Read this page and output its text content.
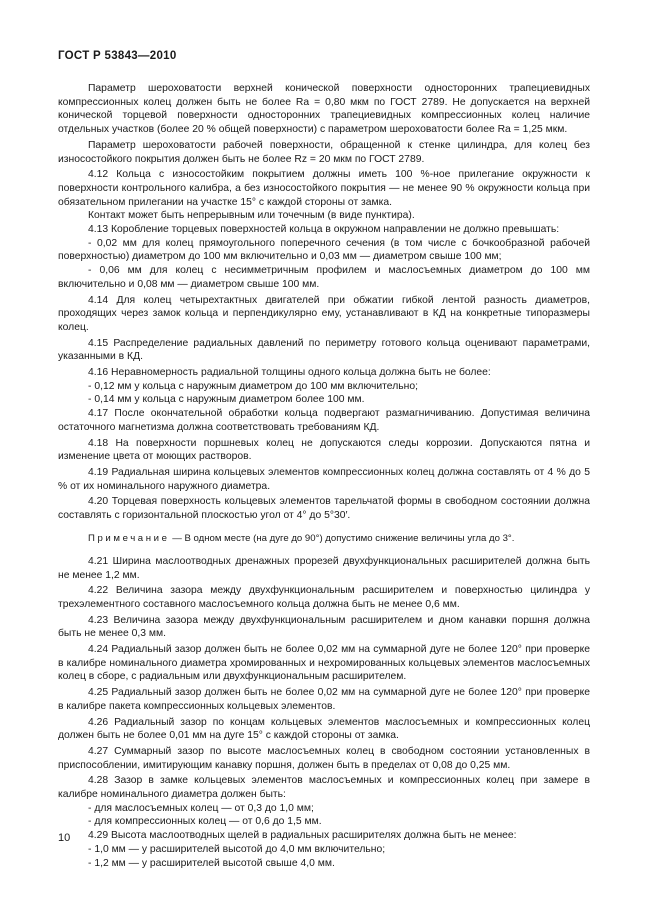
ГОСТ Р 53843—2010

Параметр шероховатости верхней конической поверхности односторонних трапециевидных компрессионных колец должен быть не более Ra = 0,80 мкм по ГОСТ 2789. Не допускается на верхней конической торцевой поверхности односторонних трапециевидных компрессионных колец наличие отдельных участков (более 20 % общей поверхности) с параметром шероховатости более Ra = 1,25 мкм.

Параметр шероховатости рабочей поверхности, обращенной к стенке цилиндра, для колец без износостойкого покрытия должен быть не более Rz = 20 мкм по ГОСТ 2789.

4.12 Кольца с износостойким покрытием должны иметь 100 %-ное прилегание окружности к поверхности контрольного калибра, а без износостойкого покрытия — не менее 90 % окружности кольца при обязательном прилегании на участке 15° с каждой стороны от замка.

Контакт может быть непрерывным или точечным (в виде пунктира).

4.13 Коробление торцевых поверхностей кольца в окружном направлении не должно превышать:

- 0,02 мм для колец прямоугольного поперечного сечения (в том числе с бочкообразной рабочей поверхностью) диаметром до 100 мм включительно и 0,03 мм — диаметром свыше 100 мм;

- 0,06 мм для колец с несимметричным профилем и маслосъемных диаметром до 100 мм включительно и 0,08 мм — диаметром свыше 100 мм.

4.14 Для колец четырехтактных двигателей при обжатии гибкой лентой разность диаметров, проходящих через замок кольца и перпендикулярно ему, устанавливают в КД на конкретные типоразмеры колец.

4.15 Распределение радиальных давлений по периметру готового кольца оценивают параметрами, указанными в КД.

4.16 Неравномерность радиальной толщины одного кольца должна быть не более:

- 0,12 мм у кольца с наружным диаметром до 100 мм включительно;

- 0,14 мм у кольца с наружным диаметром более 100 мм.

4.17 После окончательной обработки кольца подвергают размагничиванию. Допустимая величина остаточного магнетизма должна соответствовать требованиям КД.

4.18 На поверхности поршневых колец не допускаются следы коррозии. Допускаются пятна и изменение цвета от моющих растворов.

4.19 Радиальная ширина кольцевых элементов компрессионных колец должна составлять от 4 % до 5 % от их номинального наружного диаметра.

4.20 Торцевая поверхность кольцевых элементов тарельчатой формы в свободном состоянии должна составлять с горизонтальной плоскостью угол от 4° до 5°30′.

Примечание — В одном месте (на дуге до 90°) допустимо снижение величины угла до 3°.

4.21 Ширина маслоотводных дренажных прорезей двухфункциональных расширителей должна быть не менее 1,2 мм.

4.22 Величина зазора между двухфункциональным расширителем и поверхностью цилиндра у трехэлементного составного маслосъемного кольца должна быть не менее 0,6 мм.

4.23 Величина зазора между двухфункциональным расширителем и дном канавки поршня должна быть не менее 0,3 мм.

4.24 Радиальный зазор должен быть не более 0,02 мм на суммарной дуге не более 120° при проверке в калибре номинального диаметра хромированных и нехромированных кольцевых элементов маслосъемных колец в сборе, с радиальным или двухфункциональным расширителем.

4.25 Радиальный зазор должен быть не более 0,02 мм на суммарной дуге не более 120° при проверке в калибре пакета компрессионных кольцевых элементов.

4.26 Радиальный зазор по концам кольцевых элементов маслосъемных и компрессионных колец должен быть не более 0,01 мм на дуге 15° с каждой стороны от замка.

4.27 Суммарный зазор по высоте маслосъемных колец в свободном состоянии установленных в приспособлении, имитирующим канавку поршня, должен быть в пределах от 0,08 до 0,25 мм.

4.28 Зазор в замке кольцевых элементов маслосъемных и компрессионных колец при замере в калибре номинального диаметра должен быть:

- для маслосъемных колец — от 0,3 до 1,0 мм;

- для компрессионных колец — от 0,6 до 1,5 мм.

4.29 Высота маслоотводных щелей в радиальных расширителях должна быть не менее:

- 1,0 мм — у расширителей высотой до 4,0 мм включительно;

- 1,2 мм — у расширителей высотой свыше 4,0 мм.

10
